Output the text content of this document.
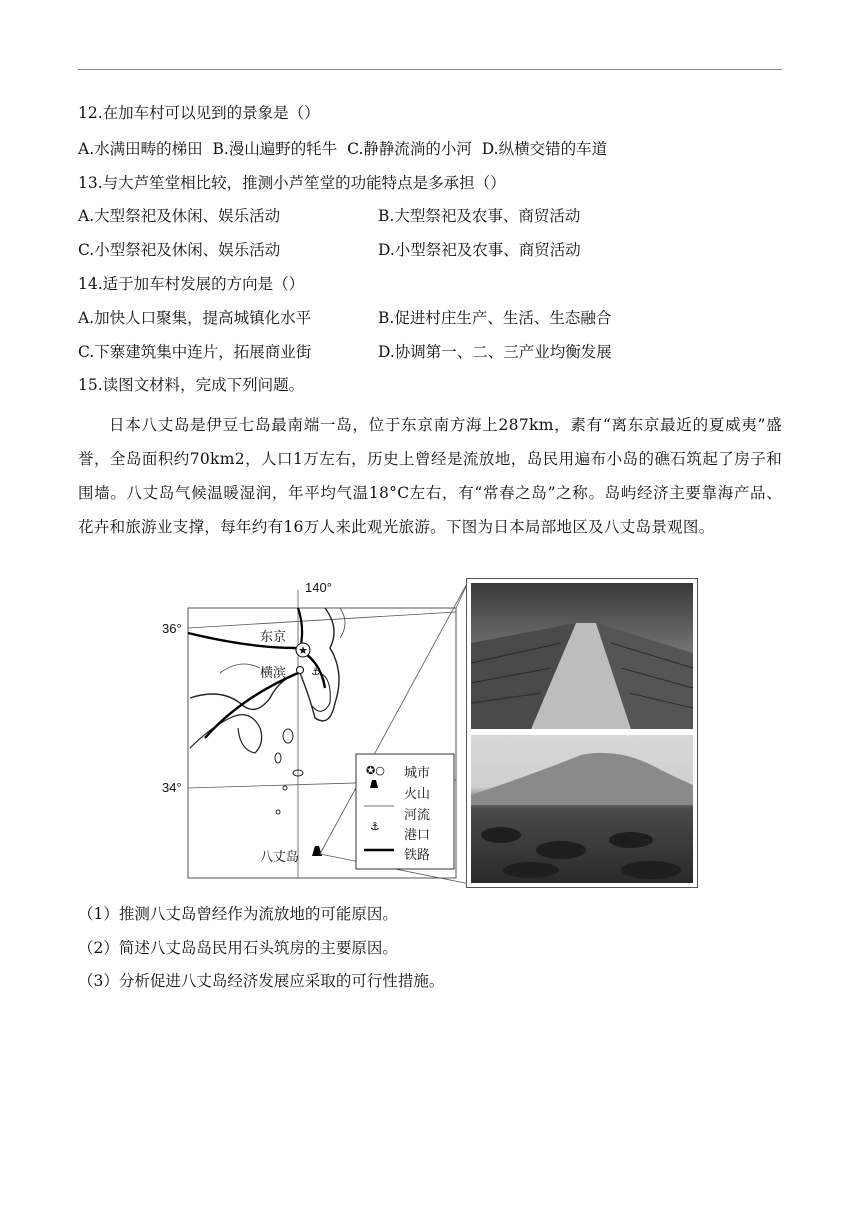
12.在加车村可以见到的景象是（）
A.水满田畴的梯田 B.漫山遍野的牦牛 C.静静流淌的小河 D.纵横交错的车道
13.与大芦笙堂相比较，推测小芦笙堂的功能特点是多承担（）
A.大型祭祀及休闲、娱乐活动	B.大型祭祀及农事、商贸活动
C.小型祭祀及休闲、娱乐活动	D.小型祭祀及农事、商贸活动
14.适于加车村发展的方向是（）
A.加快人口聚集，提高城镇化水平	B.促进村庄生产、生活、生态融合
C.下寨建筑集中连片，拓展商业街	D.协调第一、二、三产业均衡发展
15.读图文材料，完成下列问题。
日本八丈岛是伊豆七岛最南端一岛，位于东京南方海上287km，素有“离东京最近的夏威夷”盛誉，全岛面积约70km2，人口1万左右，历史上曾经是流放地，岛民用遍布小岛的礁石筑起了房子和围墙。八丈岛气候温暖湿润，年平均气温18°C左右，有“常春之岛”之称。岛屿经济主要靠海产品、花卉和旅游业支撑，每年约有16万人来此观光旅游。下图为日本局部地区及八丈岛景观图。
★
⚓
✪○
⚓
140°
36°
34°
东京
横滨
八丈岛
城市
火山
河流
港口
铁路
（1）推测八丈岛曾经作为流放地的可能原因。
（2）简述八丈岛岛民用石头筑房的主要原因。
（3）分析促进八丈岛经济发展应采取的可行性措施。
